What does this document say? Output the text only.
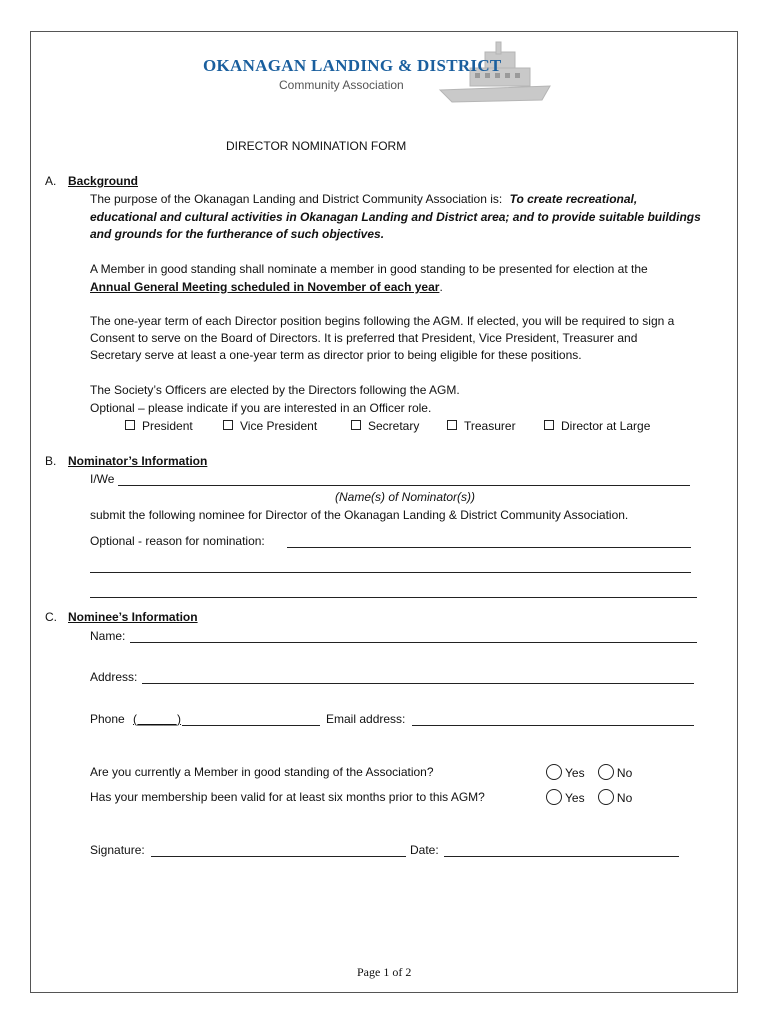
OKANAGAN LANDING & DISTRICT
Community Association
DIRECTOR NOMINATION FORM
A. Background
The purpose of the Okanagan Landing and District Community Association is: To create recreational,
educational and cultural activities in Okanagan Landing and District area; and to provide suitable buildings
and grounds for the furtherance of such objectives.
A Member in good standing shall nominate a member in good standing to be presented for election at the
Annual General Meeting scheduled in November of each year.
The one-year term of each Director position begins following the AGM. If elected, you will be required to sign a
Consent to serve on the Board of Directors. It is preferred that President, Vice President, Treasurer and
Secretary serve at least a one-year term as director prior to being eligible for these positions.
The Society’s Officers are elected by the Directors following the AGM.
Optional – please indicate if you are interested in an Officer role.
President	Vice President	Secretary	Treasurer	Director at Large
B. Nominator’s Information
I/We
(Name(s) of Nominator(s))
submit the following nominee for Director of the Okanagan Landing & District Community Association.
Optional - reason for nomination:
C. Nominee’s Information
Name:
Address:
Phone (______)	Email address:
Are you currently a Member in good standing of the Association?	Yes	No
Has your membership been valid for at least six months prior to this AGM?	Yes	No
Signature:	Date:
Page 1 of 2
